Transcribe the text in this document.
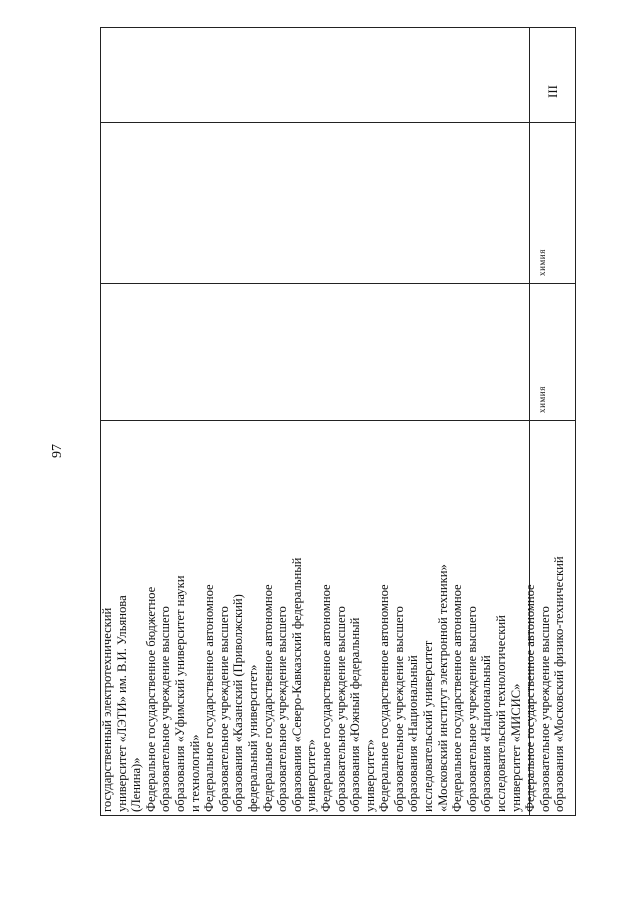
97
государственный электротехнический университет «ЛЭТИ» им. В.И. Ульянова (Ленина)» Федеральное государственное бюджетное образовательное учреждение высшего образования «Уфимский университет науки и технологий» Федеральное государственное автономное образовательное учреждение высшего образования «Казанский (Приволжский) федеральный университет» Федеральное государственное автономное образовательное учреждение высшего образования «Северо-Кавказский федеральный университет» Федеральное государственное автономное образовательное учреждение высшего образования «Южный федеральный университет» Федеральное государственное автономное образовательное учреждение высшего образования «Национальный исследовательский университет «Московский институт электронной техники» Федеральное государственное автономное образовательное учреждение высшего образования «Национальный исследовательский технологический университет «МИСИС» Федеральное государственное автономное образовательное учреждение высшего образования «Московский физико-технический
химия
химия
III
